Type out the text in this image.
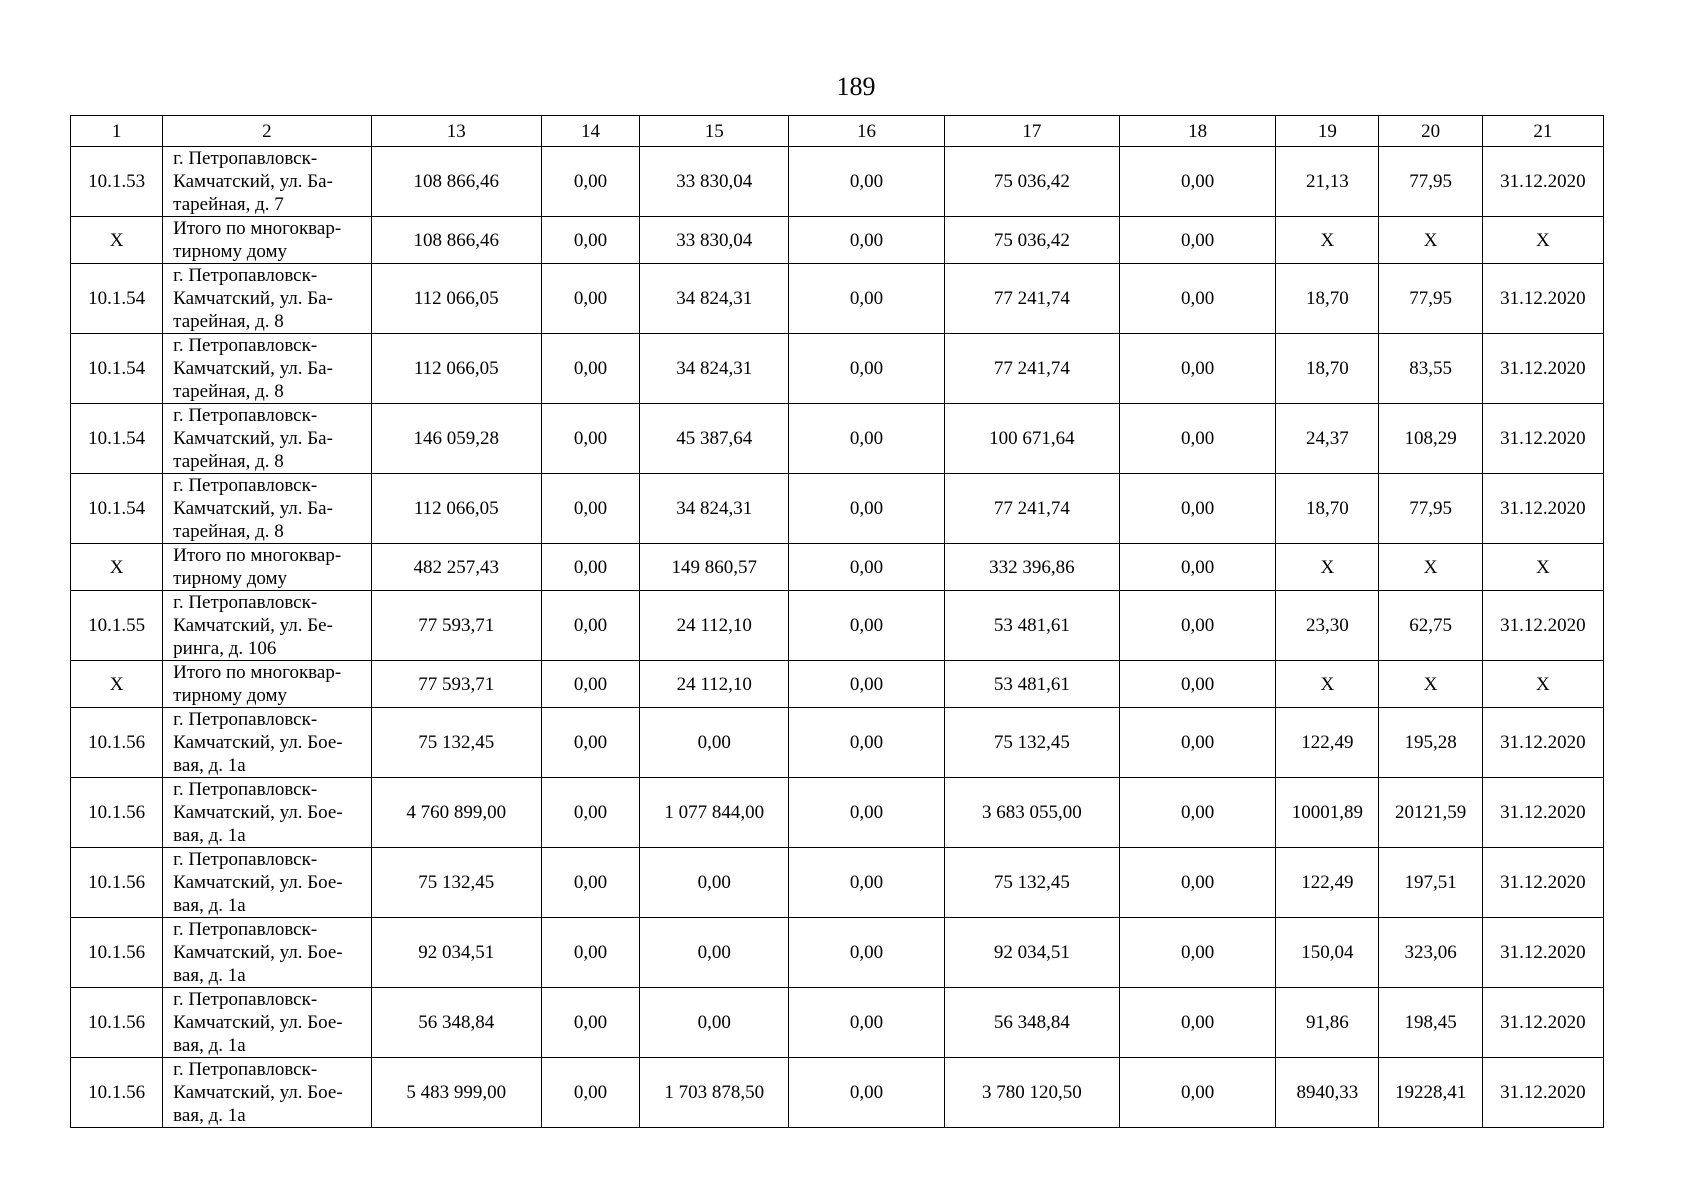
189
1	2	13	14	15	16	17	18	19	20	21
10.1.53	г. Петропавловск-
Камчатский, ул. Ба-
тарейная, д. 7	108 866,46	0,00	33 830,04	0,00	75 036,42	0,00	21,13	77,95	31.12.2020
X	Итого по многоквар-
тирному дому	108 866,46	0,00	33 830,04	0,00	75 036,42	0,00	X	X	X
10.1.54	г. Петропавловск-
Камчатский, ул. Ба-
тарейная, д. 8	112 066,05	0,00	34 824,31	0,00	77 241,74	0,00	18,70	77,95	31.12.2020
10.1.54	г. Петропавловск-
Камчатский, ул. Ба-
тарейная, д. 8	112 066,05	0,00	34 824,31	0,00	77 241,74	0,00	18,70	83,55	31.12.2020
10.1.54	г. Петропавловск-
Камчатский, ул. Ба-
тарейная, д. 8	146 059,28	0,00	45 387,64	0,00	100 671,64	0,00	24,37	108,29	31.12.2020
10.1.54	г. Петропавловск-
Камчатский, ул. Ба-
тарейная, д. 8	112 066,05	0,00	34 824,31	0,00	77 241,74	0,00	18,70	77,95	31.12.2020
X	Итого по многоквар-
тирному дому	482 257,43	0,00	149 860,57	0,00	332 396,86	0,00	X	X	X
10.1.55	г. Петропавловск-
Камчатский, ул. Бе-
ринга, д. 106	77 593,71	0,00	24 112,10	0,00	53 481,61	0,00	23,30	62,75	31.12.2020
X	Итого по многоквар-
тирному дому	77 593,71	0,00	24 112,10	0,00	53 481,61	0,00	X	X	X
10.1.56	г. Петропавловск-
Камчатский, ул. Бое-
вая, д. 1а	75 132,45	0,00	0,00	0,00	75 132,45	0,00	122,49	195,28	31.12.2020
10.1.56	г. Петропавловск-
Камчатский, ул. Бое-
вая, д. 1а	4 760 899,00	0,00	1 077 844,00	0,00	3 683 055,00	0,00	10001,89	20121,59	31.12.2020
10.1.56	г. Петропавловск-
Камчатский, ул. Бое-
вая, д. 1а	75 132,45	0,00	0,00	0,00	75 132,45	0,00	122,49	197,51	31.12.2020
10.1.56	г. Петропавловск-
Камчатский, ул. Бое-
вая, д. 1а	92 034,51	0,00	0,00	0,00	92 034,51	0,00	150,04	323,06	31.12.2020
10.1.56	г. Петропавловск-
Камчатский, ул. Бое-
вая, д. 1а	56 348,84	0,00	0,00	0,00	56 348,84	0,00	91,86	198,45	31.12.2020
10.1.56	г. Петропавловск-
Камчатский, ул. Бое-
вая, д. 1а	5 483 999,00	0,00	1 703 878,50	0,00	3 780 120,50	0,00	8940,33	19228,41	31.12.2020
